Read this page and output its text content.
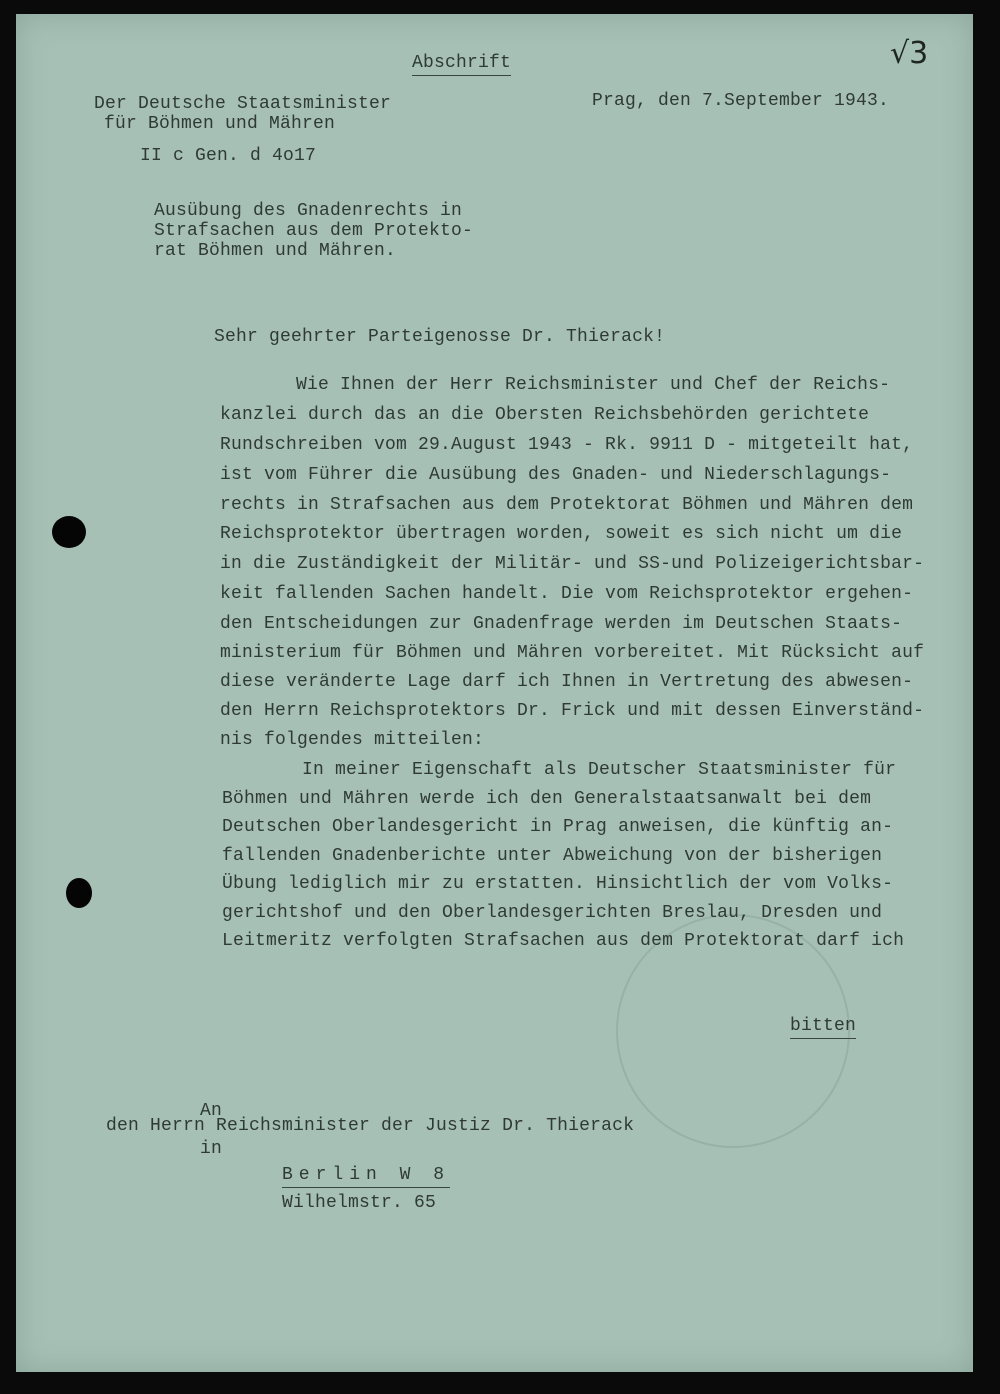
Abschrift	√3
Der Deutsche Staatsminister
für Böhmen und Mähren
II c Gen. d 4o17
Prag, den 7.September 1943.
Ausübung des Gnadenrechts in
Strafsachen aus dem Protekto-
rat Böhmen und Mähren.
Sehr geehrter Parteigenosse Dr. Thierack!
Wie Ihnen der Herr Reichsminister und Chef der Reichs-
kanzlei durch das an die Obersten Reichsbehörden gerichtete
Rundschreiben vom 29.August 1943 - Rk. 9911 D - mitgeteilt hat,
ist vom Führer die Ausübung des Gnaden- und Niederschlagungs-
rechts in Strafsachen aus dem Protektorat Böhmen und Mähren dem
Reichsprotektor übertragen worden, soweit es sich nicht um die
in die Zuständigkeit der Militär- und SS-und Polizeigerichtsbar-
keit fallenden Sachen handelt. Die vom Reichsprotektor ergehen-
den Entscheidungen zur Gnadenfrage werden im Deutschen Staats-
ministerium für Böhmen und Mähren vorbereitet. Mit Rücksicht auf
diese veränderte Lage darf ich Ihnen in Vertretung des abwesen-
den Herrn Reichsprotektors Dr. Frick und mit dessen Einverständ-
nis folgendes mitteilen:
In meiner Eigenschaft als Deutscher Staatsminister für
Böhmen und Mähren werde ich den Generalstaatsanwalt bei dem
Deutschen Oberlandesgericht in Prag anweisen, die künftig an-
fallenden Gnadenberichte unter Abweichung von der bisherigen
Übung lediglich mir zu erstatten. Hinsichtlich der vom Volks-
gerichtshof und den Oberlandesgerichten Breslau, Dresden und
Leitmeritz verfolgten Strafsachen aus dem Protektorat darf ich
bitten
An
den Herrn Reichsminister der Justiz Dr. Thierack
in
Berlin W 8
Wilhelmstr. 65
